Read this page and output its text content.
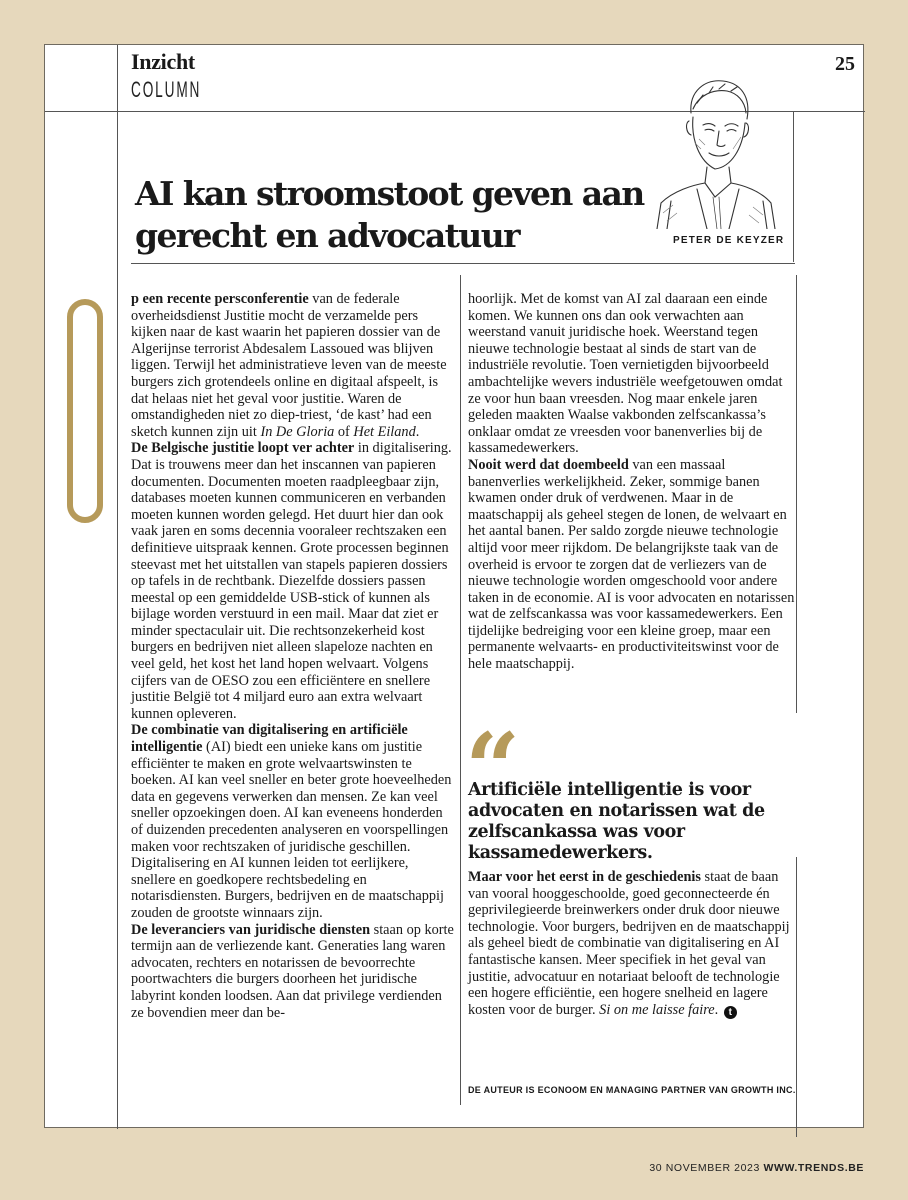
Inzicht
COLUMN
25
PETER DE KEYZER
AI kan stroomstoot geven aan gerecht en advocatuur

p een recente persconferentie van de federale overheidsdienst Justitie mocht de verzamelde pers kijken naar de kast waarin het papieren dossier van de Algerijnse terrorist Abdesalem Lassoued was blijven liggen. Terwijl het administratieve leven van de meeste burgers zich grotendeels online en digitaal afspeelt, is dat helaas niet het geval voor justitie. Waren de omstandigheden niet zo diep-triest, ‘de kast’ had een sketch kunnen zijn uit In De Gloria of Het Eiland.

De Belgische justitie loopt ver achter in digitalisering. Dat is trouwens meer dan het inscannen van papieren documenten. Documenten moeten raadpleegbaar zijn, databases moeten kunnen communiceren en verbanden moeten kunnen worden gelegd. Het duurt hier dan ook vaak jaren en soms decennia vooraleer rechtszaken een definitieve uitspraak kennen. Grote processen beginnen steevast met het uitstallen van stapels papieren dossiers op tafels in de rechtbank. Diezelfde dossiers passen meestal op een gemiddelde USB-stick of kunnen als bijlage worden verstuurd in een mail. Maar dat ziet er minder spectaculair uit. Die rechtsonzekerheid kost burgers en bedrijven niet alleen slapeloze nachten en veel geld, het kost het land hopen welvaart. Volgens cijfers van de OESO zou een efficiëntere en snellere justitie België tot 4 miljard euro aan extra welvaart kunnen opleveren.

De combinatie van digitalisering en artificiële intelligentie (AI) biedt een unieke kans om justitie efficiënter te maken en grote welvaartswinsten te boeken. AI kan veel sneller en beter grote hoeveelheden data en gegevens verwerken dan mensen. Ze kan veel sneller opzoekingen doen. AI kan eveneens honderden of duizenden precedenten analyseren en voorspellingen maken voor rechtszaken of juridische geschillen. Digitalisering en AI kunnen leiden tot eerlijkere, snellere en goedkopere rechtsbedeling en notarisdiensten. Burgers, bedrijven en de maatschappij zouden de grootste winnaars zijn.

De leveranciers van juridische diensten staan op korte termijn aan de verliezende kant. Generaties lang waren advocaten, rechters en notarissen de bevoorrechte poortwachters die burgers doorheen het juridische labyrint konden loodsen. Aan dat privilege verdienden ze bovendien meer dan be-

hoorlijk. Met de komst van AI zal daaraan een einde komen. We kunnen ons dan ook verwachten aan weerstand vanuit juridische hoek. Weerstand tegen nieuwe technologie bestaat al sinds de start van de industriële revolutie. Toen vernietigden bijvoorbeeld ambachtelijke wevers industriële weefgetouwen omdat ze voor hun baan vreesden. Nog maar enkele jaren geleden maakten Waalse vakbonden zelfscankassa’s onklaar omdat ze vreesden voor banenverlies bij de kassamedewerkers.

Nooit werd dat doembeeld van een massaal banenverlies werkelijkheid. Zeker, sommige banen kwamen onder druk of verdwenen. Maar in de maatschappij als geheel stegen de lonen, de welvaart en het aantal banen. Per saldo zorgde nieuwe technologie altijd voor meer rijkdom. De belangrijkste taak van de overheid is ervoor te zorgen dat de verliezers van de nieuwe technologie worden omgeschoold voor andere taken in de economie. AI is voor advocaten en notarissen wat de zelfscankassa was voor kassamedewerkers. Een tijdelijke bedreiging voor een kleine groep, maar een permanente welvaarts- en productiviteitswinst voor de hele maatschappij.

“

Artificiële intelligentie is voor advocaten en notarissen wat de zelfscankassa was voor kassamedewerkers.

Maar voor het eerst in de geschiedenis staat de baan van vooral hooggeschoolde, goed geconnecteerde én geprivilegieerde breinwerkers onder druk door nieuwe technologie. Voor burgers, bedrijven en de maatschappij als geheel biedt de combinatie van digitalisering en AI fantastische kansen. Meer specifiek in het geval van justitie, advocatuur en notariaat belooft de technologie een hogere efficiëntie, een hogere snelheid en lagere kosten voor de burger. Si on me laisse faire. t

DE AUTEUR IS ECONOOM EN MANAGING PARTNER VAN GROWTH INC.
30 NOVEMBER 2023 WWW.TRENDS.BE
